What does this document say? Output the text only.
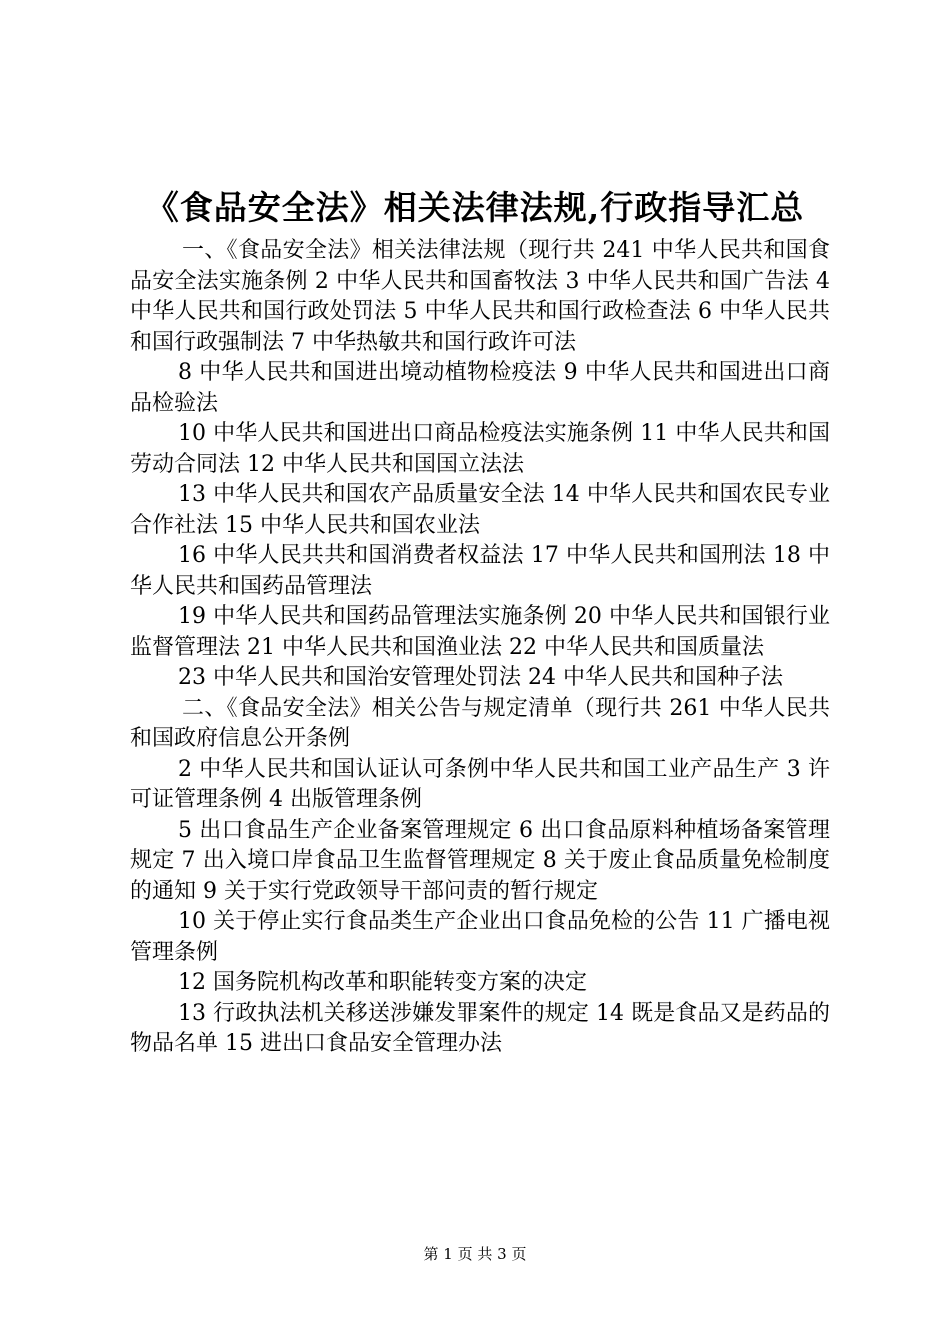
《食品安全法》相关法律法规,行政指导汇总

一、《食品安全法》相关法律法规（现行共 241 中华人民共和国食品安全法实施条例 2 中华人民共和国畜牧法 3 中华人民共和国广告法 4 中华人民共和国行政处罚法 5 中华人民共和国行政检查法 6 中华人民共和国行政强制法 7 中华热敏共和国行政许可法

8 中华人民共和国进出境动植物检疫法 9 中华人民共和国进出口商品检验法

10 中华人民共和国进出口商品检疫法实施条例 11 中华人民共和国劳动合同法 12 中华人民共和国国立法法

13 中华人民共和国农产品质量安全法 14 中华人民共和国农民专业合作社法 15 中华人民共和国农业法

16 中华人民共共和国消费者权益法 17 中华人民共和国刑法 18 中华人民共和国药品管理法

19 中华人民共和国药品管理法实施条例 20 中华人民共和国银行业监督管理法 21 中华人民共和国渔业法 22 中华人民共和国质量法

23 中华人民共和国治安管理处罚法 24 中华人民共和国种子法

二、《食品安全法》相关公告与规定清单（现行共 261 中华人民共和国政府信息公开条例

2 中华人民共和国认证认可条例中华人民共和国工业产品生产 3 许可证管理条例 4 出版管理条例

5 出口食品生产企业备案管理规定 6 出口食品原料种植场备案管理规定 7 出入境口岸食品卫生监督管理规定 8 关于废止食品质量免检制度的通知 9 关于实行党政领导干部问责的暂行规定

10 关于停止实行食品类生产企业出口食品免检的公告 11 广播电视管理条例

12 国务院机构改革和职能转变方案的决定

13 行政执法机关移送涉嫌发罪案件的规定 14 既是食品又是药品的物品名单 15 进出口食品安全管理办法

第 1 页 共 3 页
